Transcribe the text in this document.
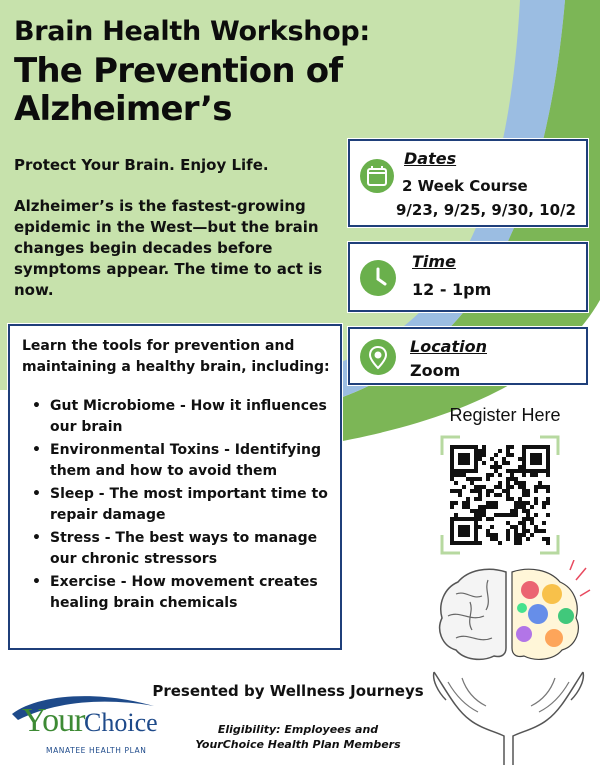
Brain Health Workshop:
The Prevention of Alzheimer’s
Protect Your Brain. Enjoy Life.
Alzheimer’s is the fastest-growing epidemic in the West—but the brain changes begin decades before symptoms appear. The time to act is now.
Dates
2 Week Course
9/23, 9/25, 9/30, 10/2
Time
12 - 1pm
Location
Zoom
Learn the tools for prevention and maintaining a healthy brain, including:
• Gut Microbiome - How it influences our brain
• Environmental Toxins - Identifying them and how to avoid them
• Sleep - The most important time to repair damage
• Stress - The best ways to manage our chronic stressors
• Exercise - How movement creates healing brain chemicals
Register Here
Presented by Wellness Journeys
Eligibility: Employees and
YourChoice Health Plan Members
Your Choice
MANATEE HEALTH PLAN
